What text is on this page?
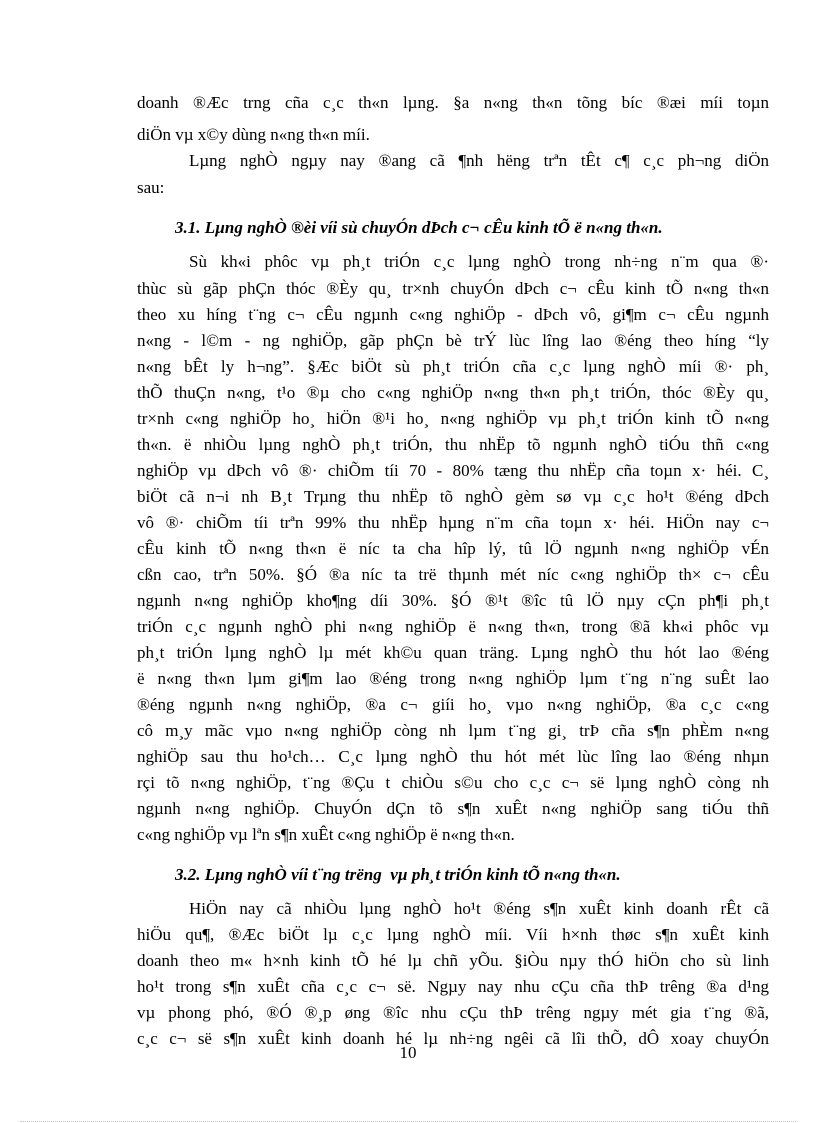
doanh ®Æc trng cña c¸c th«n lµng. §a n«ng th«n tõng bíc ®æi míi toµn
diÖn vµ x©y dùng n«ng th«n míi.
Lµng nghÒ ngµy nay ®ang cã ¶nh hëng trªn tÊt c¶ c¸c ph¬ng diÖn
sau:
3.1. Lµng nghÒ ®èi víi sù chuyÓn dÞch c¬ cÊu kinh tÕ ë n«ng th«n.
Sù kh«i phôc vµ ph¸t triÓn c¸c lµng nghÒ trong nh÷ng n¨m qua ®·
thùc sù gãp phÇn thóc ®Èy qu¸ tr×nh chuyÓn dÞch c¬ cÊu kinh tÕ n«ng th«n
theo xu híng t¨ng c¬ cÊu ngµnh c«ng nghiÖp - dÞch vô, gi¶m c¬ cÊu ngµnh
n«ng - l©m - ng nghiÖp, gãp phÇn bè trÝ lùc lîng lao ®éng theo híng “ly
n«ng bÊt ly h¬ng”. §Æc biÖt sù ph¸t triÓn cña c¸c lµng nghÒ míi ®· ph¸
thÕ thuÇn n«ng, t¹o ®µ cho c«ng nghiÖp n«ng th«n ph¸t triÓn, thóc ®Èy qu¸
tr×nh c«ng nghiÖp ho¸ hiÖn ®¹i ho¸ n«ng nghiÖp vµ ph¸t triÓn kinh tÕ n«ng
th«n. ë nhiÒu lµng nghÒ ph¸t triÓn, thu nhËp tõ ngµnh nghÒ tiÓu thñ c«ng
nghiÖp vµ dÞch vô ®· chiÕm tíi 70 - 80% tæng thu nhËp cña toµn x· héi. C¸
biÖt cã n¬i nh B¸t Trµng thu nhËp tõ nghÒ gèm sø vµ c¸c ho¹t ®éng dÞch
vô ®· chiÕm tíi trªn 99% thu nhËp hµng n¨m cña toµn x· héi. HiÖn nay c¬
cÊu kinh tÕ n«ng th«n ë níc ta cha hîp lý, tû lÖ ngµnh n«ng nghiÖp vÉn
cßn cao, trªn 50%. §Ó ®a níc ta trë thµnh mét níc c«ng nghiÖp th× c¬ cÊu
ngµnh n«ng nghiÖp kho¶ng díi 30%. §Ó ®¹t ®îc tû lÖ nµy cÇn ph¶i ph¸t
triÓn c¸c ngµnh nghÒ phi n«ng nghiÖp ë n«ng th«n, trong ®ã kh«i phôc vµ
ph¸t triÓn lµng nghÒ lµ mét kh©u quan träng. Lµng nghÒ thu hót lao ®éng
ë n«ng th«n lµm gi¶m lao ®éng trong n«ng nghiÖp lµm t¨ng n¨ng suÊt lao
®éng ngµnh n«ng nghiÖp, ®a c¬ giíi ho¸ vµo n«ng nghiÖp, ®a c¸c c«ng
cô m¸y mãc vµo n«ng nghiÖp còng nh lµm t¨ng gi¸ trÞ cña s¶n phÈm n«ng
nghiÖp sau thu ho¹ch… C¸c lµng nghÒ thu hót mét lùc lîng lao ®éng nhµn
rçi tõ n«ng nghiÖp, t¨ng ®Çu t chiÒu s©u cho c¸c c¬ së lµng nghÒ còng nh
ngµnh n«ng nghiÖp. ChuyÓn dÇn tõ s¶n xuÊt n«ng nghiÖp sang tiÓu thñ
c«ng nghiÖp vµ lªn s¶n xuÊt c«ng nghiÖp ë n«ng th«n.
3.2. Lµng nghÒ víi t¨ng trëng  vµ ph¸t triÓn kinh tÕ n«ng th«n.
HiÖn nay cã nhiÒu lµng nghÒ ho¹t ®éng s¶n xuÊt kinh doanh rÊt cã
hiÖu qu¶, ®Æc biÖt lµ c¸c lµng nghÒ míi. Víi h×nh thøc s¶n xuÊt kinh
doanh theo m« h×nh kinh tÕ hé lµ chñ yÕu. §iÒu nµy thÓ hiÖn cho sù linh
ho¹t trong s¶n xuÊt cña c¸c c¬ së. Ngµy nay nhu cÇu cña thÞ trêng ®a d¹ng
vµ phong phó, ®Ó ®¸p øng ®îc nhu cÇu thÞ trêng ngµy mét gia t¨ng ®ã,
c¸c c¬ së s¶n xuÊt kinh doanh hé lµ nh÷ng ngêi cã lîi thÕ, dÔ xoay chuyÓn
10
